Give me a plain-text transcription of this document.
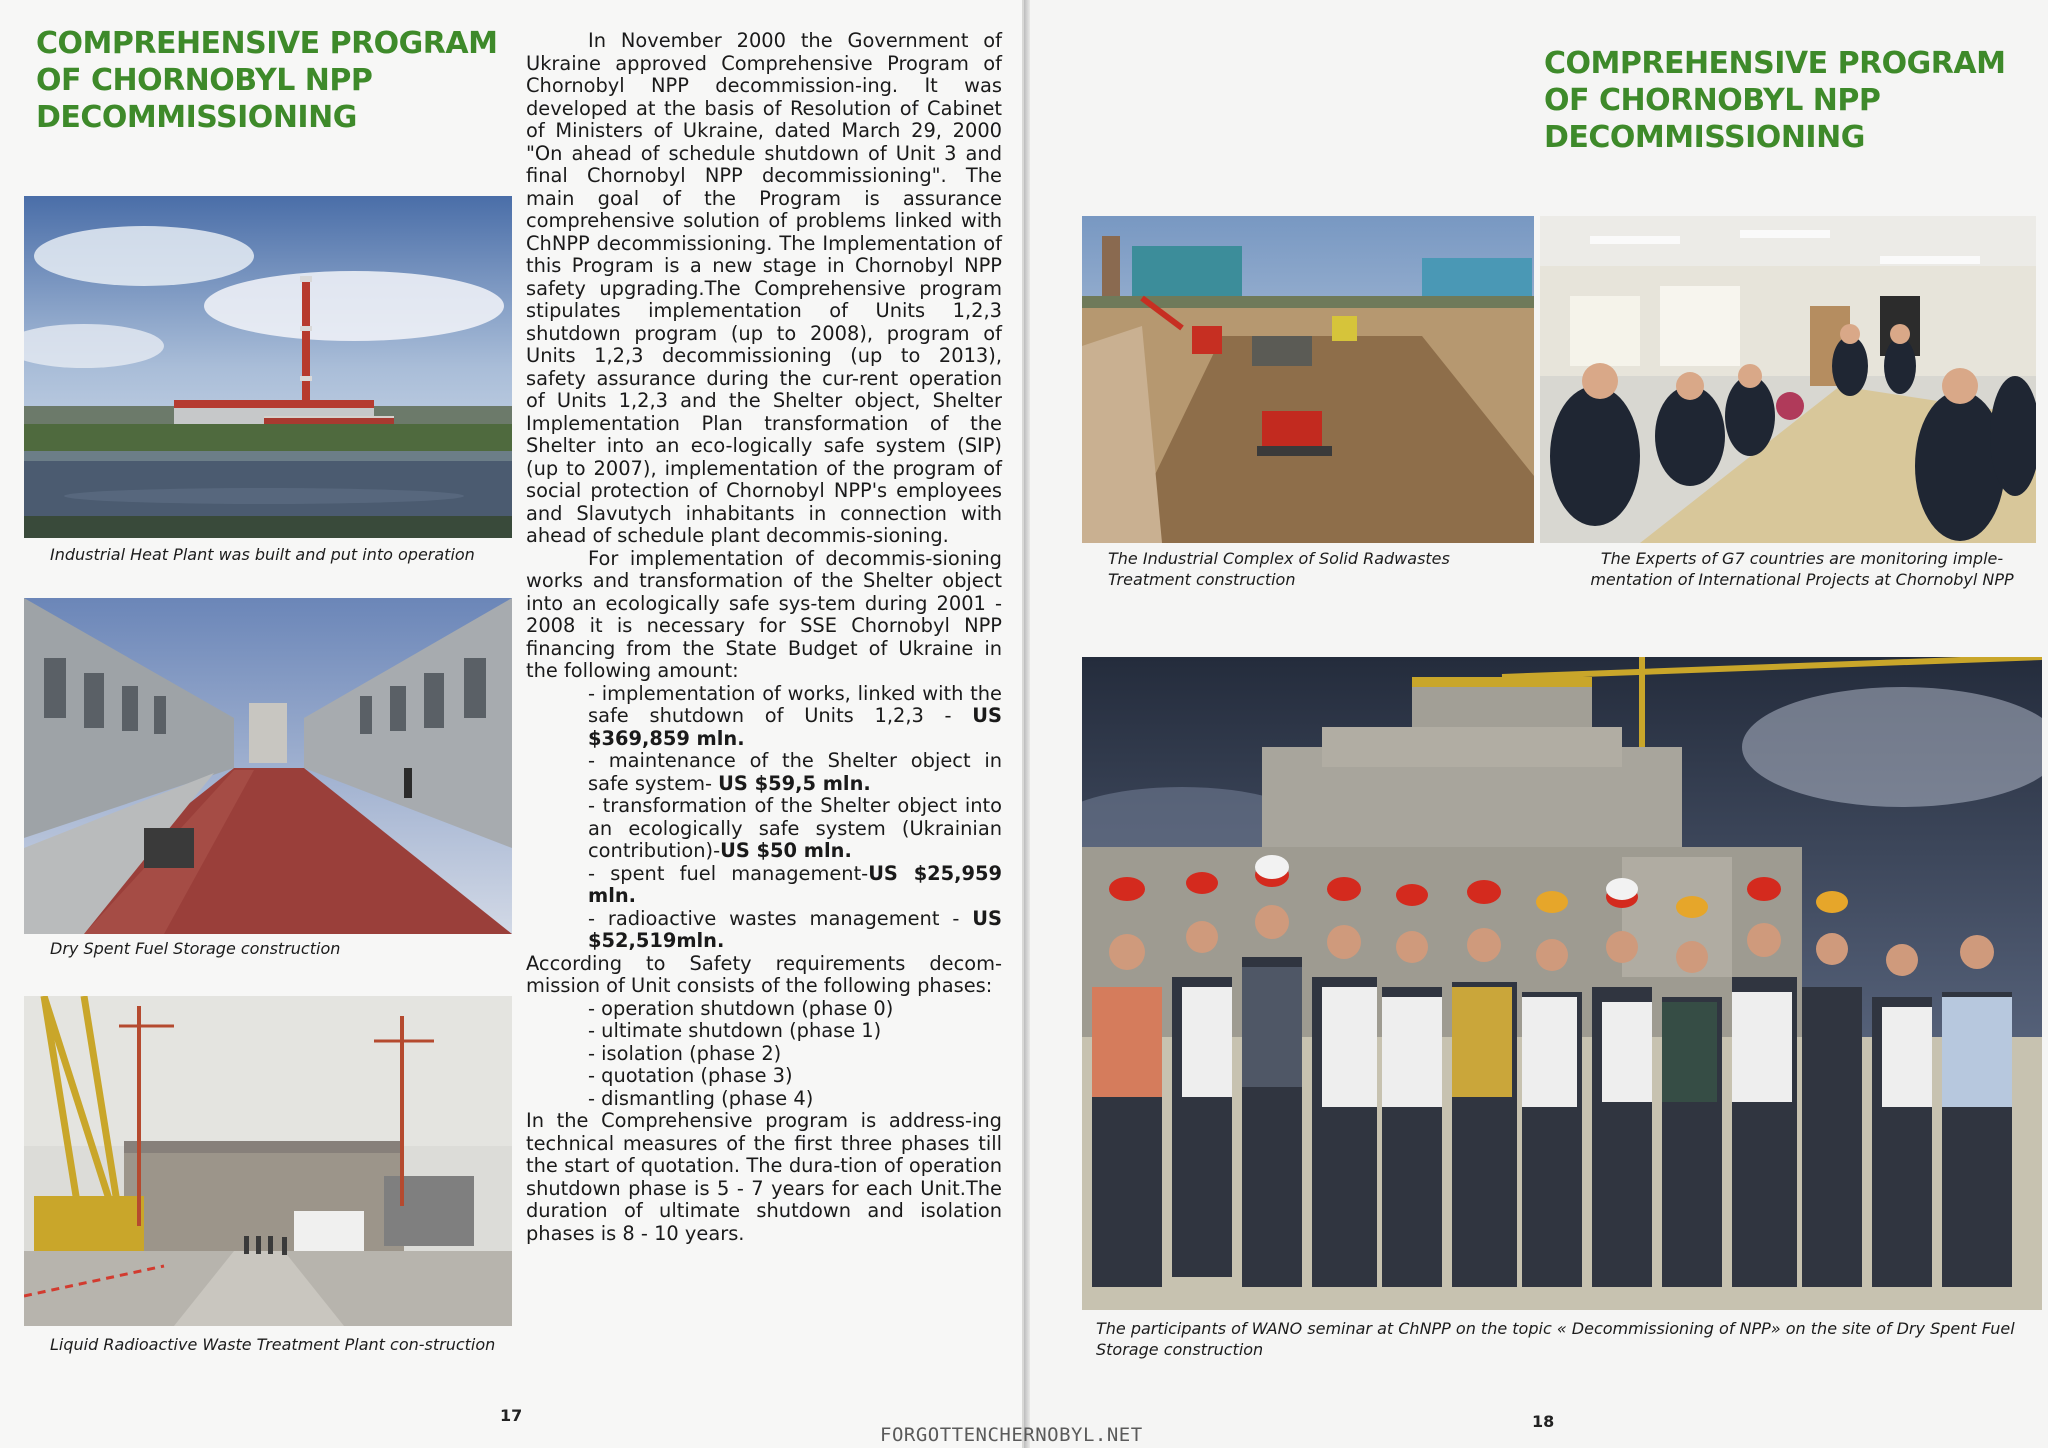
COMPREHENSIVE PROGRAM
OF CHORNOBYL NPP
DECOMMISSIONING
Industrial Heat Plant was built and put into operation
Dry Spent Fuel Storage construction
Liquid Radioactive Waste Treatment Plant con-struction

In November 2000 the Government of Ukraine approved Comprehensive Program of Chornobyl NPP decommission-ing. It was developed at the basis of Resolution of Cabinet of Ministers of Ukraine, dated March 29, 2000 "On ahead of schedule shutdown of Unit 3 and final Chornobyl NPP decommissioning". The main goal of the Program is assurance comprehensive solution of problems linked with ChNPP decommissioning. The Implementation of this Program is a new stage in Chornobyl NPP safety upgrading.The Comprehensive program stipulates implementation of Units 1,2,3 shutdown program (up to 2008), program of Units 1,2,3 decommissioning (up to 2013), safety assurance during the cur-rent operation of Units 1,2,3 and the Shelter object, Shelter Implementation Plan transformation of the Shelter into an eco-logically safe system (SIP) (up to 2007), implementation of the program of social protection of Chornobyl NPP's employees and Slavutych inhabitants in connection with ahead of schedule plant decommis-sioning.

For implementation of decommis-sioning works and transformation of the Shelter object into an ecologically safe sys-tem during 2001 - 2008 it is necessary for SSE Chornobyl NPP financing from the State Budget of Ukraine in the following amount:

- implementation of works, linked with the safe shutdown of Units 1,2,3 - US $369,859 mln.

- maintenance of the Shelter object in safe system- US $59,5 mln.

- transformation of the Shelter object into an ecologically safe system (Ukrainian contribution)-US $50 mln.

- spent fuel management-US $25,959 mln.

- radioactive wastes management - US $52,519mln.

According to Safety requirements decom-mission of Unit consists of the following phases:

- operation shutdown (phase 0)

- ultimate shutdown (phase 1)

- isolation (phase 2)

- quotation (phase 3)

- dismantling (phase 4)

In the Comprehensive program is address-ing technical measures of the first three phases till the start of quotation. The dura-tion of operation shutdown phase is 5 - 7 years for each Unit.The duration of ultimate shutdown and isolation phases is 8 - 10 years.

17
COMPREHENSIVE PROGRAM
OF CHORNOBYL NPP
DECOMMISSIONING
The Industrial Complex of Solid Radwastes Treatment construction
The Experts of G7 countries are monitoring imple-mentation of International Projects at Chornobyl NPP
The participants of WANO seminar at ChNPP on the topic « Decommissioning of NPP» on the site of Dry Spent Fuel Storage construction
18
FORGOTTENCHERNOBYL.NET
